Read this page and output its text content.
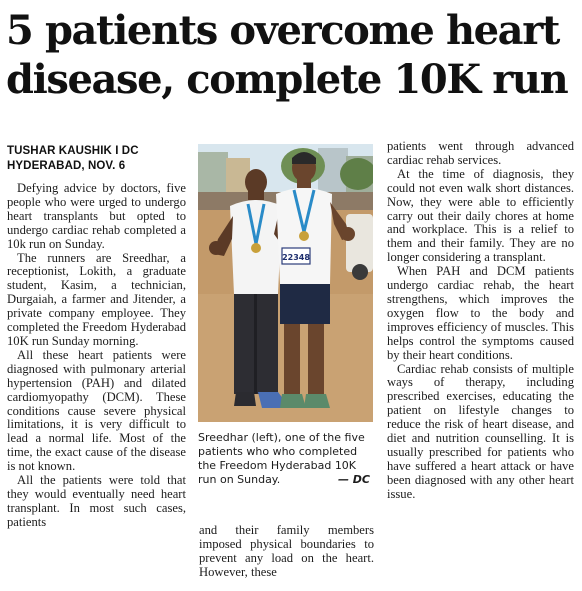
5 patients overcome heart
disease, complete 10K run
TUSHAR KAUSHIK I DC
HYDERABAD, NOV. 6

Defying advice by doctors, five people who were urged to undergo heart transplants but opted to undergo cardiac rehab completed a 10k run on Sunday.

The runners are Sreedhar, a receptionist, Lokith, a graduate student, Kasim, a technician, Durgaiah, a farmer and Jitender, a private company employee. They completed the Freedom Hyderabad 10K run Sunday morning.

All these heart patients were diagnosed with pulmonary arterial hypertension (PAH) and dilated cardiomyopathy (DCM). These conditions cause severe physical limitations, it is very difficult to lead a normal life. Most of the time, the exact cause of the disease is not known.

All the patients were told that they would eventually need heart transplant. In most such cases, patients

22348
Sreedhar (left), one of the five patients who who completed the Freedom Hyderabad 10K run on Sunday.	— DC

and their family members imposed physical boundaries to prevent any load on the heart. However, these

patients went through advanced cardiac rehab services.

At the time of diagnosis, they could not even walk short distances. Now, they were able to efficiently carry out their daily chores at home and workplace. This is a relief to them and their family. They are no longer considering a transplant.

When PAH and DCM patients undergo cardiac rehab, the heart strengthens, which improves the oxygen flow to the body and improves efficiency of muscles. This helps control the symptoms caused by their heart conditions.

Cardiac rehab consists of multiple ways of therapy, including prescribed exercises, educating the patient on lifestyle changes to reduce the risk of heart disease, and diet and nutrition counselling. It is usually prescribed for patients who have suffered a heart attack or have been diagnosed with any other heart issue.
